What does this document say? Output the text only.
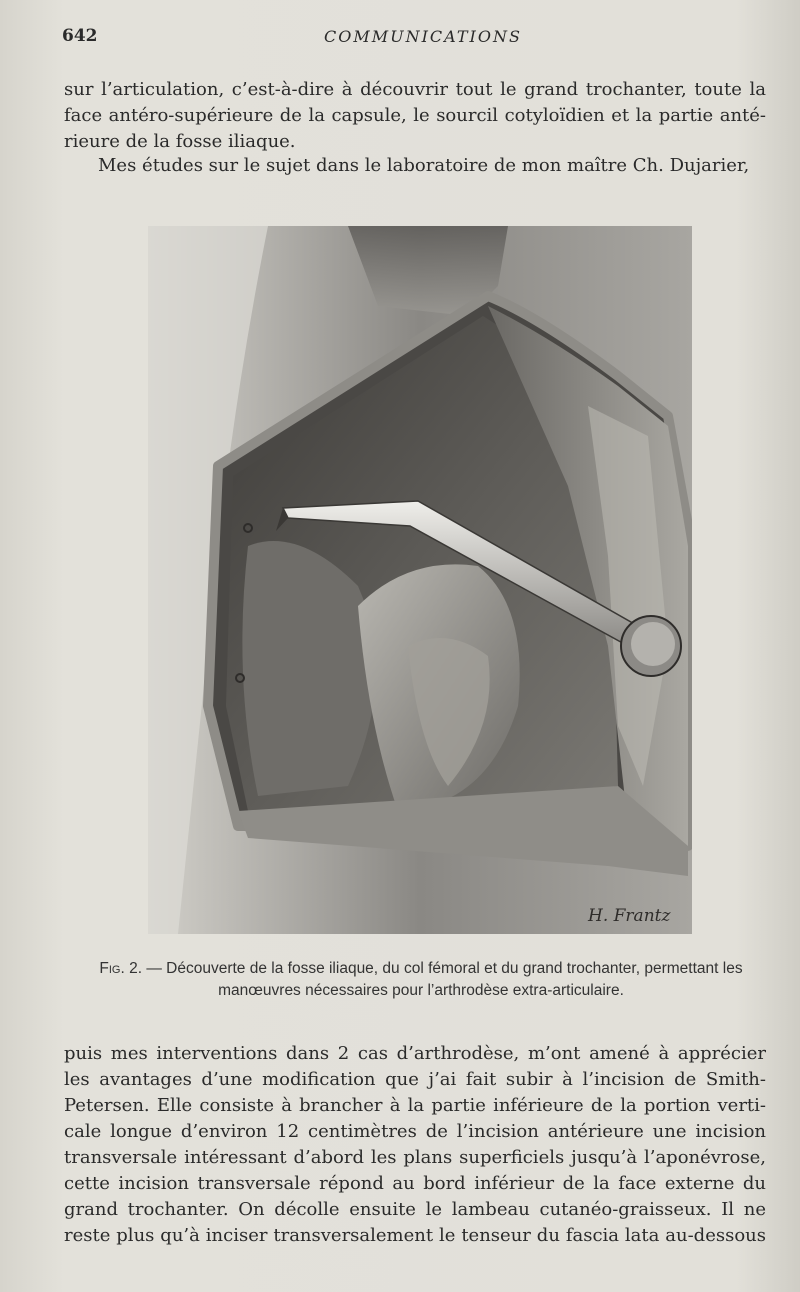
642	COMMUNICATIONS

sur l’articulation, c’est-à-dire à découvrir tout le grand trochanter, toute la
face antéro-supérieure de la capsule, le sourcil cotyloïdien et la partie anté-
rieure de la fosse iliaque.

Mes études sur le sujet dans le laboratoire de mon maître Ch. Dujarier,

H. Frantz
Fig. 2. — Découverte de la fosse iliaque, du col fémoral et du grand trochanter, permettant les manœuvres nécessaires pour l’arthrodèse extra-articulaire.

puis mes interventions dans 2 cas d’arthrodèse, m’ont amené à apprécier
les avantages d’une modification que j’ai fait subir à l’incision de Smith-
Petersen. Elle consiste à brancher à la partie inférieure de la portion verti-
cale longue d’environ 12 centimètres de l’incision antérieure une incision
transversale intéressant d’abord les plans superficiels jusqu’à l’aponévrose,
cette incision transversale répond au bord inférieur de la face externe du
grand trochanter. On décolle ensuite le lambeau cutanéo-graisseux. Il ne
reste plus qu’à inciser transversalement le tenseur du fascia lata au-dessous
